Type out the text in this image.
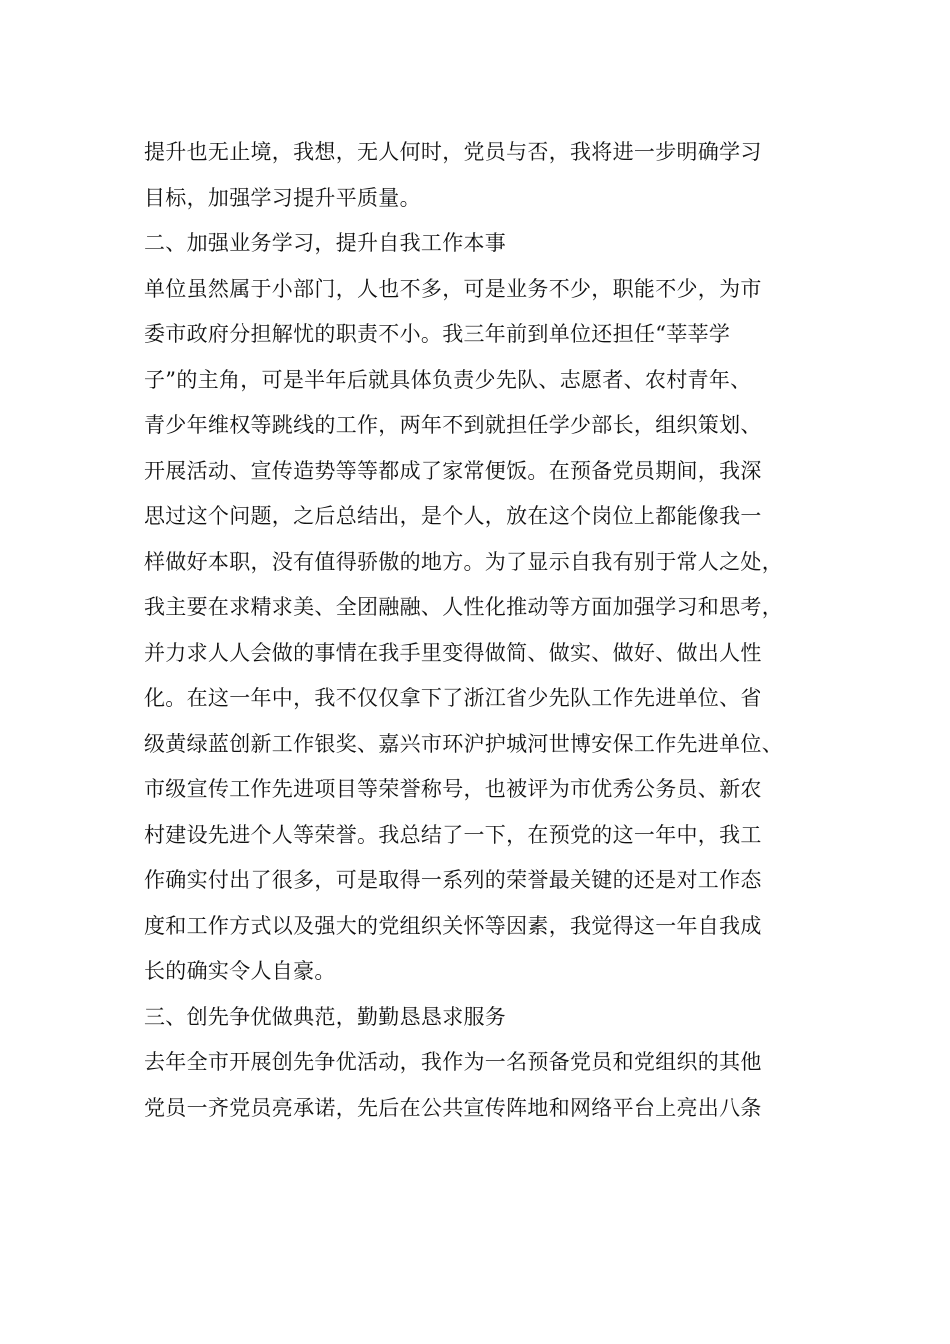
提升也无止境，我想，无人何时，党员与否，我将进一步明确学习
目标，加强学习提升平质量。
二、加强业务学习，提升自我工作本事
单位虽然属于小部门，人也不多，可是业务不少，职能不少，为市
委市政府分担解忧的职责不小。我三年前到单位还担任“莘莘学
子”的主角，可是半年后就具体负责少先队、志愿者、农村青年、
青少年维权等跳线的工作，两年不到就担任学少部长，组织策划、
开展活动、宣传造势等等都成了家常便饭。在预备党员期间，我深
思过这个问题，之后总结出，是个人，放在这个岗位上都能像我一
样做好本职，没有值得骄傲的地方。为了显示自我有别于常人之处，
我主要在求精求美、全团融融、人性化推动等方面加强学习和思考，
并力求人人会做的事情在我手里变得做简、做实、做好、做出人性
化。在这一年中，我不仅仅拿下了浙江省少先队工作先进单位、省
级黄绿蓝创新工作银奖、嘉兴市环沪护城河世博安保工作先进单位、
市级宣传工作先进项目等荣誉称号，也被评为市优秀公务员、新农
村建设先进个人等荣誉。我总结了一下，在预党的这一年中，我工
作确实付出了很多，可是取得一系列的荣誉最关键的还是对工作态
度和工作方式以及强大的党组织关怀等因素，我觉得这一年自我成
长的确实令人自豪。
三、创先争优做典范，勤勤恳恳求服务
去年全市开展创先争优活动，我作为一名预备党员和党组织的其他
党员一齐党员亮承诺，先后在公共宣传阵地和网络平台上亮出八条
